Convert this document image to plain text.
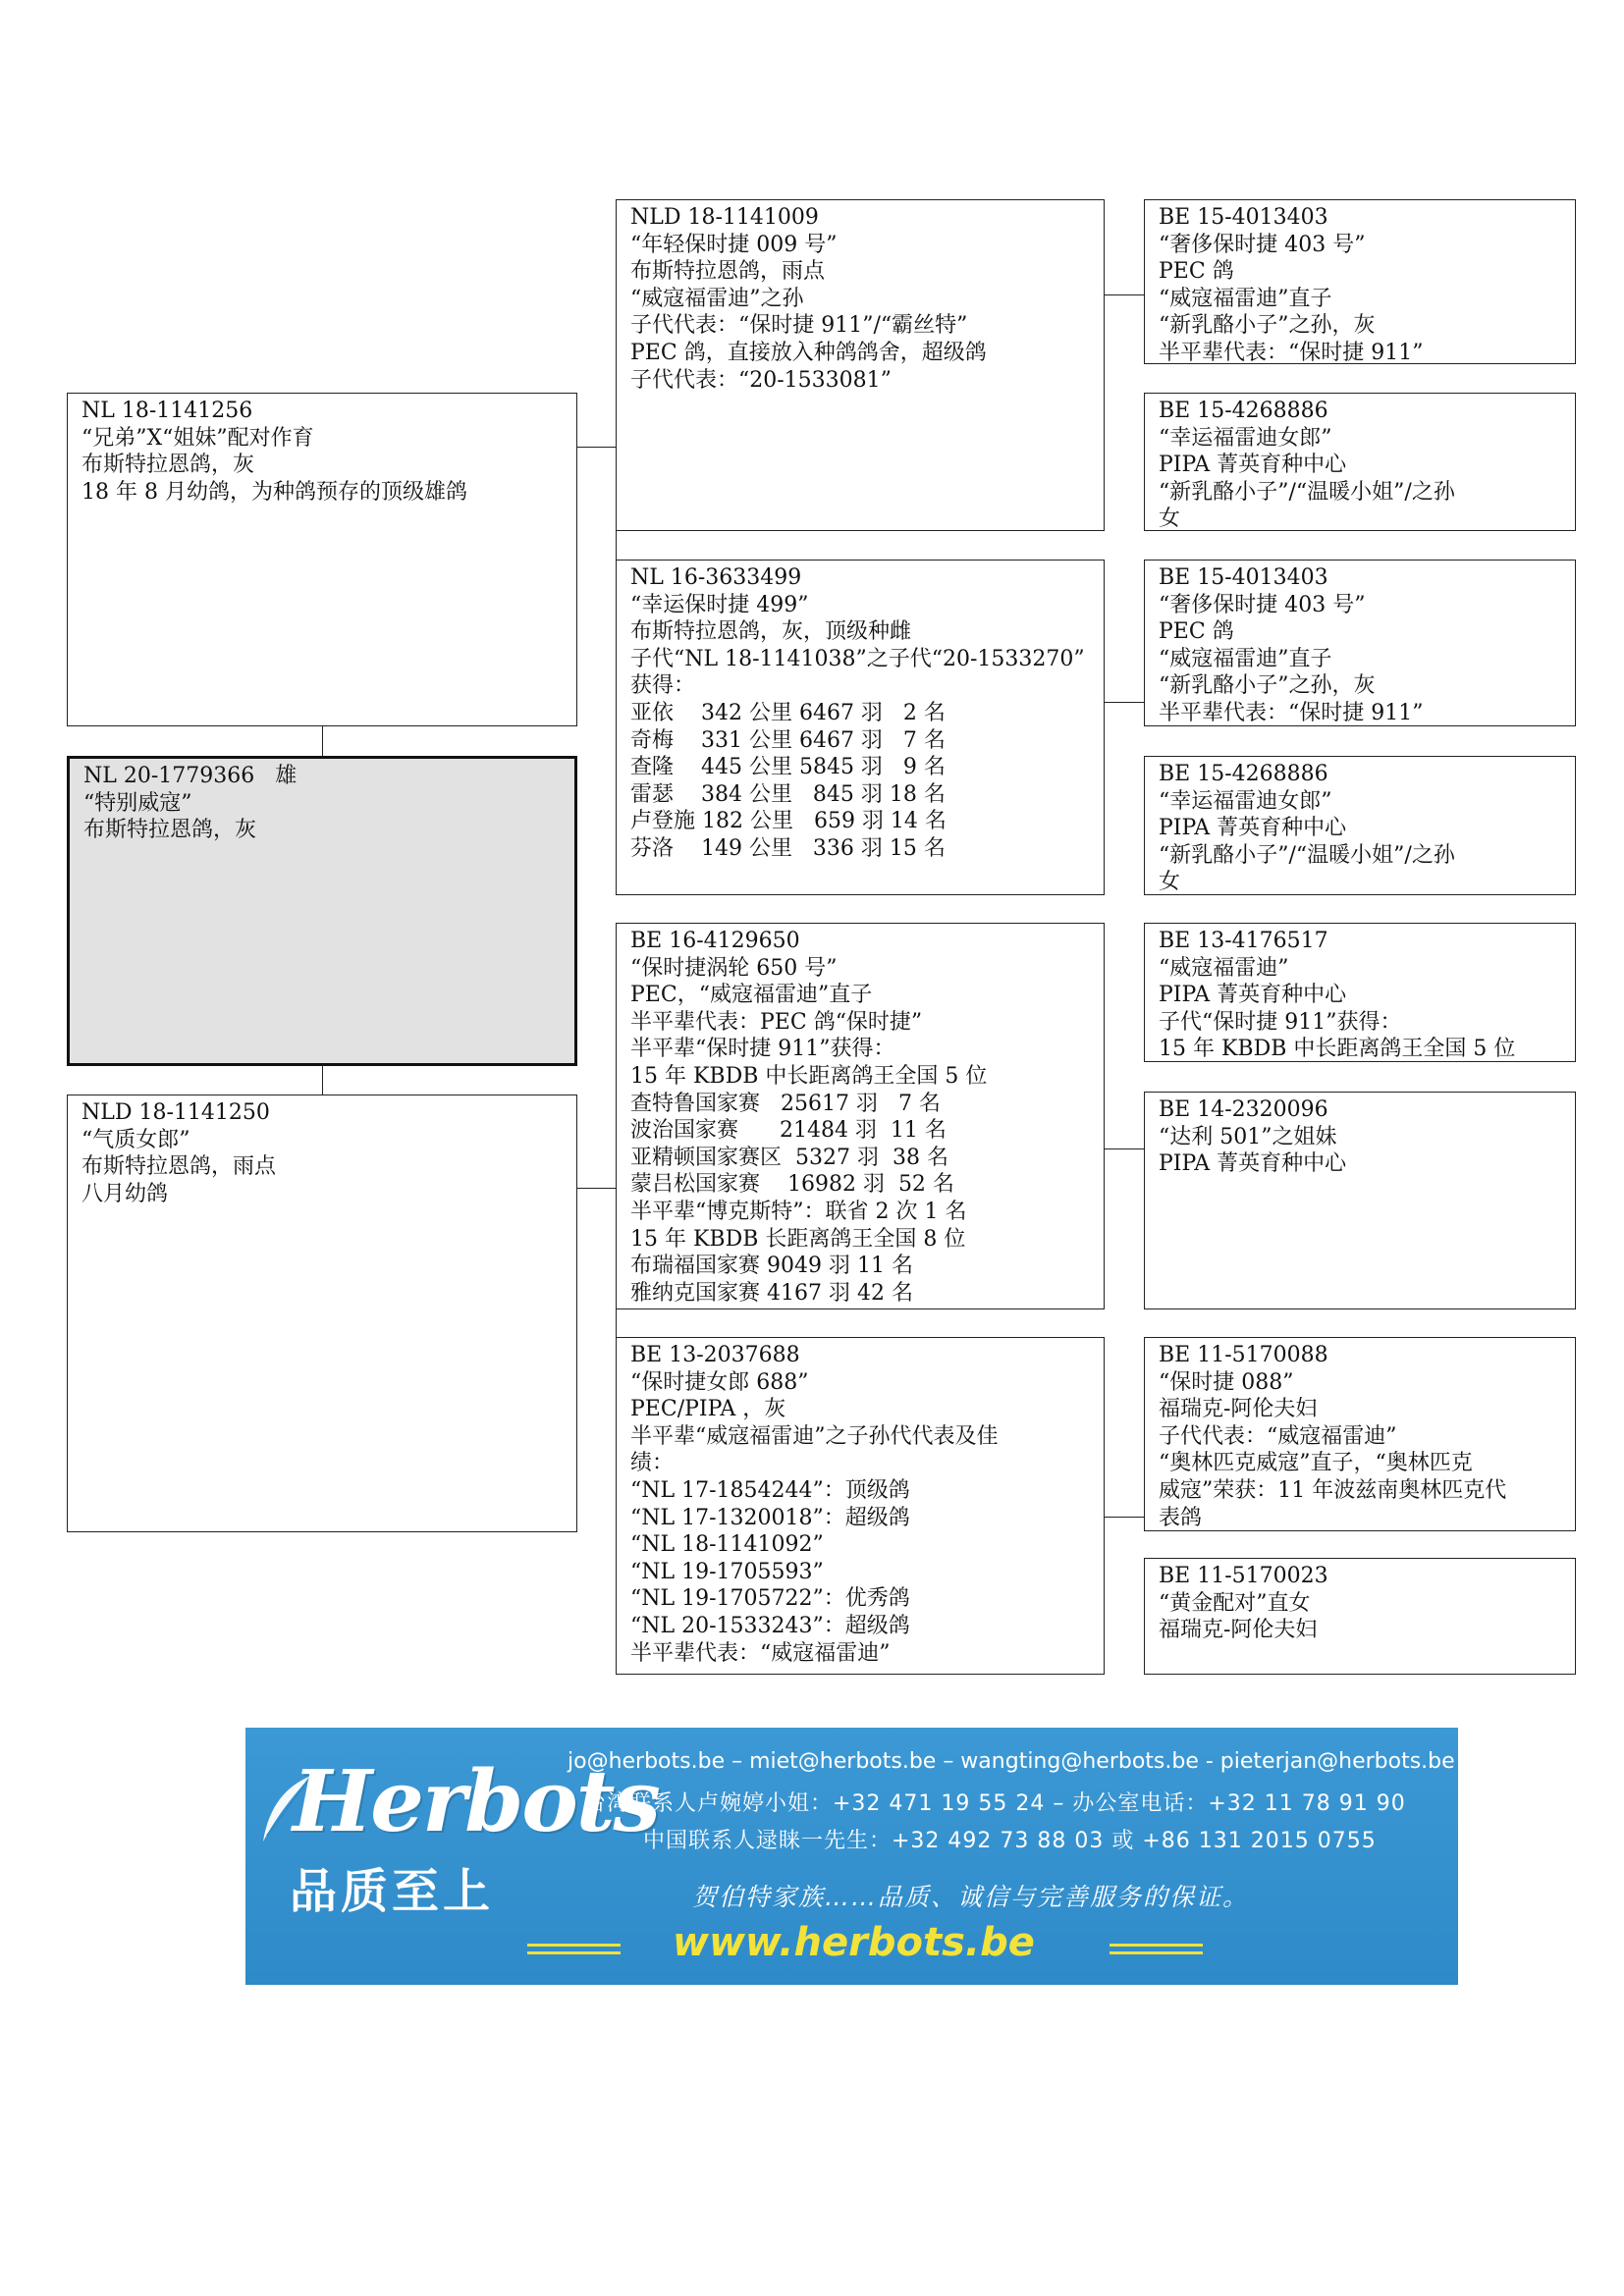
NL 18-1141256
“兄弟”X“姐妹”配对作育
布斯特拉恩鸽，灰
18 年 8 月幼鸽，为种鸽预存的顶级雄鸽
NL 20-1779366   雄
“特别威寇”
布斯特拉恩鸽，灰
NLD 18-1141250
“气质女郎”
布斯特拉恩鸽，雨点
八月幼鸽
NLD 18-1141009
“年轻保时捷 009 号”
布斯特拉恩鸽，雨点
“威寇福雷迪”之孙
子代代表：“保时捷 911”/“霸丝特”
PEC 鸽，直接放入种鸽鸽舍，超级鸽
子代代表：“20-1533081”
NL 16-3633499
“幸运保时捷 499”
布斯特拉恩鸽，灰，顶级种雌
子代“NL 18-1141038”之子代“20-1533270”
获得：
亚依    342 公里 6467 羽   2 名
奇梅    331 公里 6467 羽   7 名
查隆    445 公里 5845 羽   9 名
雷瑟    384 公里   845 羽 18 名
卢登施 182 公里   659 羽 14 名
芬洛    149 公里   336 羽 15 名
BE 16-4129650
“保时捷涡轮 650 号”
PEC，“威寇福雷迪”直子
半平辈代表：PEC 鸽“保时捷”
半平辈“保时捷 911”获得：
15 年 KBDB 中长距离鸽王全国 5 位
查特鲁国家赛   25617 羽   7 名
波治国家赛      21484 羽  11 名
亚精顿国家赛区  5327 羽  38 名
蒙吕松国家赛    16982 羽  52 名
半平辈“博克斯特”：联省 2 次 1 名
15 年 KBDB 长距离鸽王全国 8 位
布瑞福国家赛 9049 羽 11 名
雅纳克国家赛 4167 羽 42 名
BE 13-2037688
“保时捷女郎 688”
PEC/PIPA ，灰
半平辈“威寇福雷迪”之子孙代代表及佳
绩：
“NL 17-1854244”：顶级鸽
“NL 17-1320018”：超级鸽
“NL 18-1141092”
“NL 19-1705593”
“NL 19-1705722”：优秀鸽
“NL 20-1533243”：超级鸽
半平辈代表：“威寇福雷迪”
BE 15-4013403
“奢侈保时捷 403 号”
PEC 鸽
“威寇福雷迪”直子
“新乳酪小子”之孙，灰
半平辈代表：“保时捷 911”
BE 15-4268886
“幸运福雷迪女郎”
PIPA 菁英育种中心
“新乳酪小子”/“温暖小姐”/之孙
女
BE 15-4013403
“奢侈保时捷 403 号”
PEC 鸽
“威寇福雷迪”直子
“新乳酪小子”之孙，灰
半平辈代表：“保时捷 911”
BE 15-4268886
“幸运福雷迪女郎”
PIPA 菁英育种中心
“新乳酪小子”/“温暖小姐”/之孙
女
BE 13-4176517
“威寇福雷迪”
PIPA 菁英育种中心
子代“保时捷 911”获得：
15 年 KBDB 中长距离鸽王全国 5 位
BE 14-2320096
“达利 501”之姐妹
PIPA 菁英育种中心
BE 11-5170088
“保时捷 088”
福瑞克-阿伦夫妇
子代代表：“威寇福雷迪”
“奥林匹克威寇”直子，“奥林匹克
威寇”荣获：11 年波兹南奥林匹克代
表鸽
BE 11-5170023
“黄金配对”直女
福瑞克-阿伦夫妇
Herbots
品质至上
jo@herbots.be – miet@herbots.be – wangting@herbots.be - pieterjan@herbots.be
台湾联系人卢婉婷小姐：+32 471 19 55 24 – 办公室电话：+32 11 78 91 90
中国联系人逯睐一先生：+32 492 73 88 03 或 +86 131 2015 0755
贺伯特家族……品质、诚信与完善服务的保证。
www.herbots.be
